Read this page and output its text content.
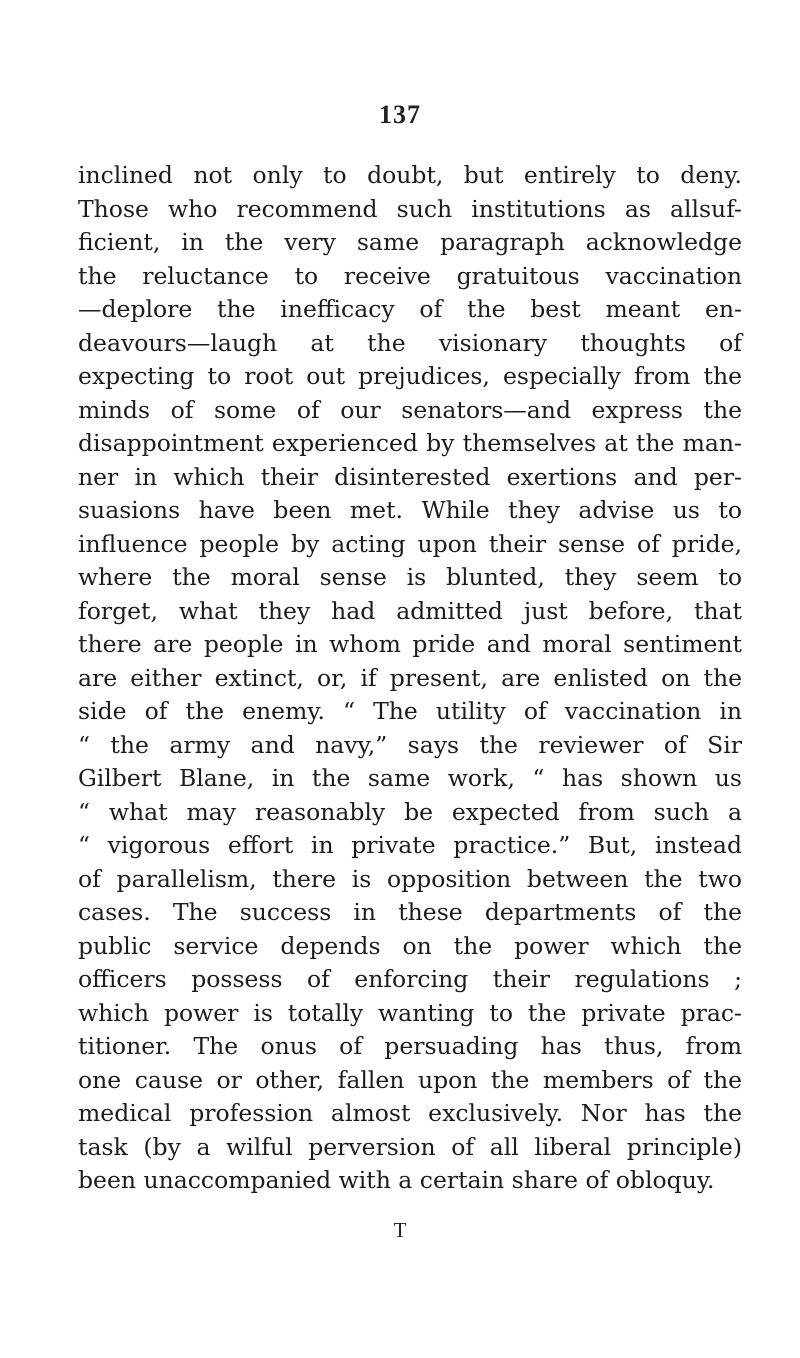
137
inclined not only to doubt, but entirely to deny.
Those who recommend such institutions as allsuf-
ficient, in the very same paragraph acknowledge
the reluctance to receive gratuitous vaccination
—deplore the inefficacy of the best meant en-
deavours—laugh at the visionary thoughts of
expecting to root out prejudices, especially from the
minds of some of our senators—and express the
disappointment experienced by themselves at the man-
ner in which their disinterested exertions and per-
suasions have been met. While they advise us to
influence people by acting upon their sense of pride,
where the moral sense is blunted, they seem to
forget, what they had admitted just before, that
there are people in whom pride and moral sentiment
are either extinct, or, if present, are enlisted on the
side of the enemy. “ The utility of vaccination in
“ the army and navy,” says the reviewer of Sir
Gilbert Blane, in the same work, “ has shown us
“ what may reasonably be expected from such a
“ vigorous effort in private practice.” But, instead
of parallelism, there is opposition between the two
cases. The success in these departments of the
public service depends on the power which the
officers possess of enforcing their regulations ;
which power is totally wanting to the private prac-
titioner. The onus of persuading has thus, from
one cause or other, fallen upon the members of the
medical profession almost exclusively. Nor has the
task (by a wilful perversion of all liberal principle)
been unaccompanied with a certain share of obloquy.
T
